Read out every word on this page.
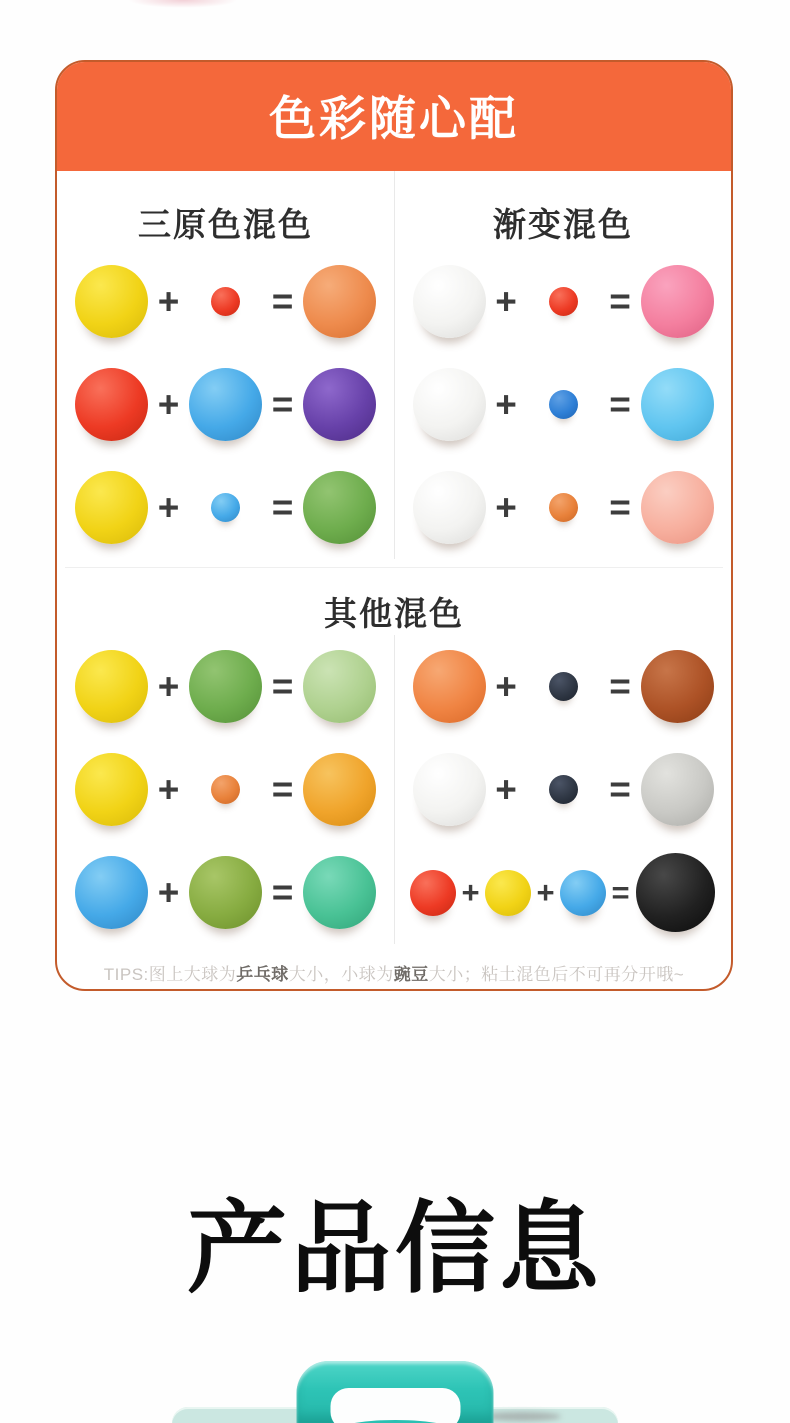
色彩随心配
三原色混色
+ =
+ =
+ =
渐变混色
+ =
+ =
+ =
其他混色
+ =
+ =
+ =
+ =
+ =
+ + =

TIPS:图上大球为乒乓球大小，小球为豌豆大小；粘土混色后不可再分开哦~

产品信息
